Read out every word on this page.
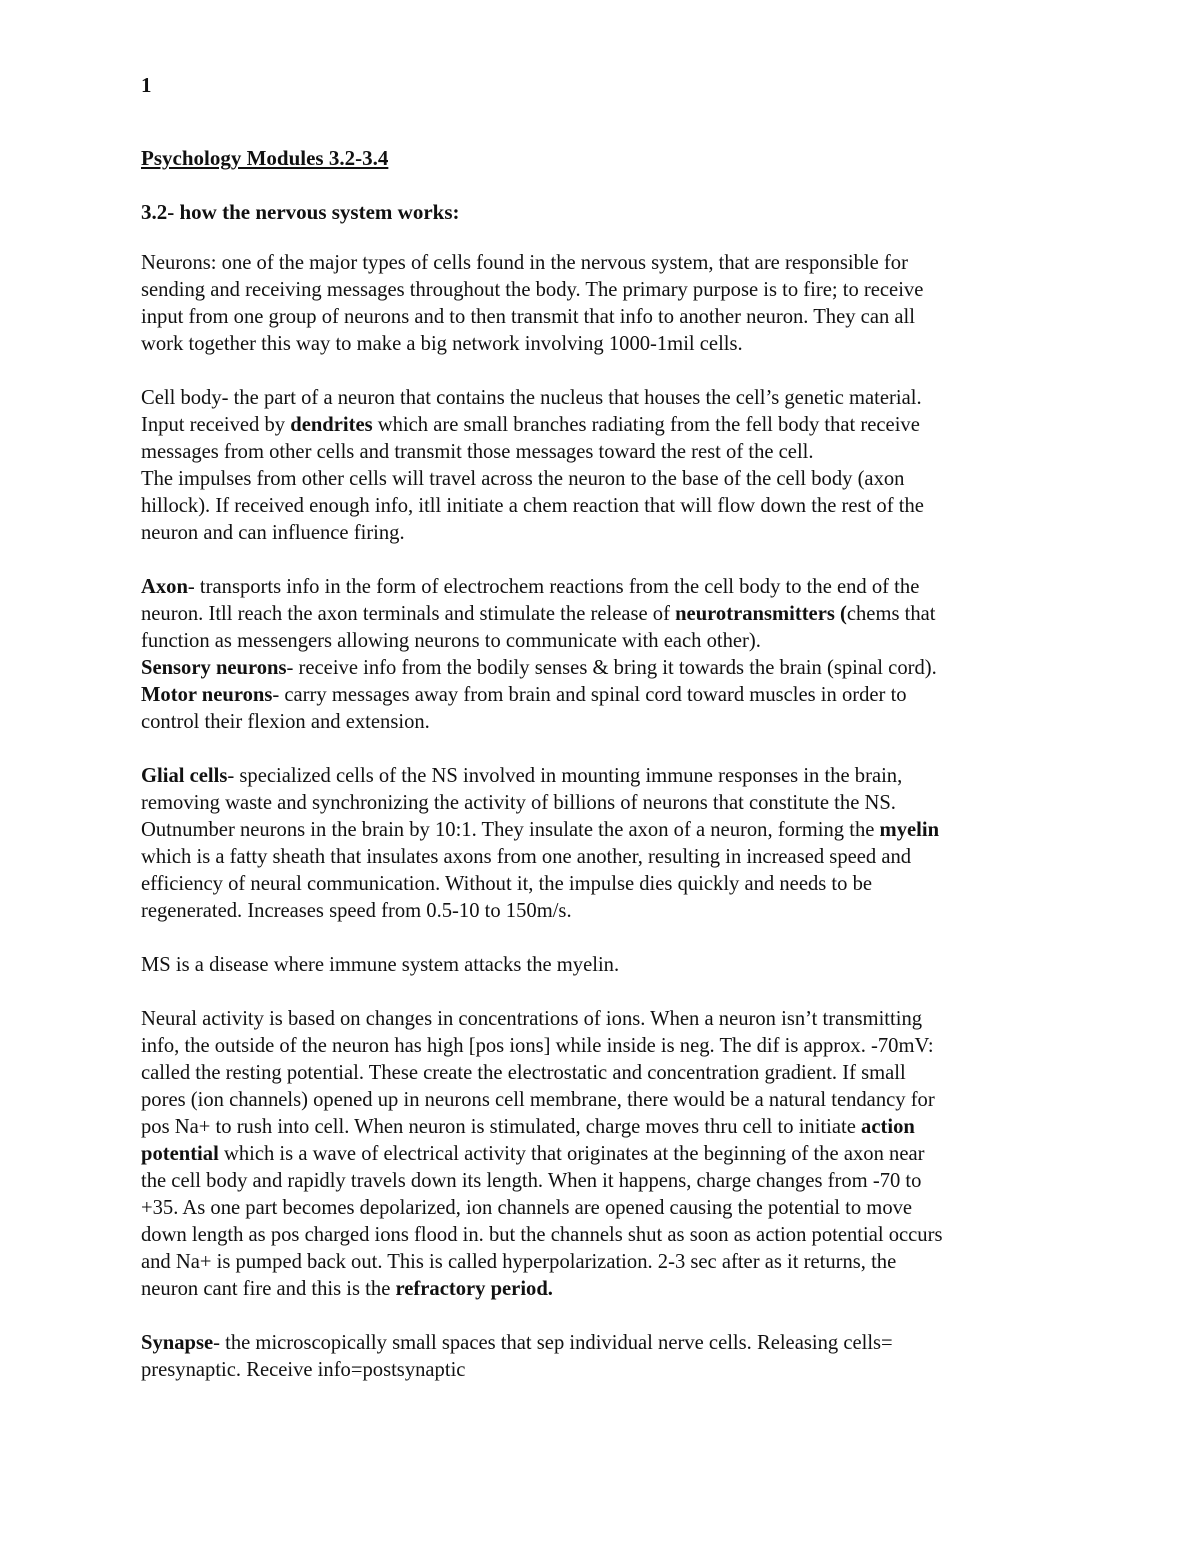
1
Psychology Modules 3.2-3.4
3.2- how the nervous system works:
Neurons: one of the major types of cells found in the nervous system, that are responsible for
sending and receiving messages throughout the body. The primary purpose is to fire; to receive
input from one group of neurons and to then transmit that info to another neuron. They can all
work together this way to make a big network involving 1000-1mil cells.
Cell body- the part of a neuron that contains the nucleus that houses the cell’s genetic material.
Input received by dendrites which are small branches radiating from the fell body that receive
messages from other cells and transmit those messages toward the rest of the cell.
The impulses from other cells will travel across the neuron to the base of the cell body (axon
hillock). If received enough info, itll initiate a chem reaction that will flow down the rest of the
neuron and can influence firing.
Axon- transports info in the form of electrochem reactions from the cell body to the end of the
neuron. Itll reach the axon terminals and stimulate the release of neurotransmitters (chems that
function as messengers allowing neurons to communicate with each other).
Sensory neurons- receive info from the bodily senses & bring it towards the brain (spinal cord).
Motor neurons- carry messages away from brain and spinal cord toward muscles in order to
control their flexion and extension.
Glial cells- specialized cells of the NS involved in mounting immune responses in the brain,
removing waste and synchronizing the activity of billions of neurons that constitute the NS.
Outnumber neurons in the brain by 10:1. They insulate the axon of a neuron, forming the myelin
which is a fatty sheath that insulates axons from one another, resulting in increased speed and
efficiency of neural communication. Without it, the impulse dies quickly and needs to be
regenerated. Increases speed from 0.5-10 to 150m/s.
MS is a disease where immune system attacks the myelin.
Neural activity is based on changes in concentrations of ions. When a neuron isn’t transmitting
info, the outside of the neuron has high [pos ions] while inside is neg. The dif is approx. -70mV:
called the resting potential. These create the electrostatic and concentration gradient. If small
pores (ion channels) opened up in neurons cell membrane, there would be a natural tendancy for
pos Na+ to rush into cell. When neuron is stimulated, charge moves thru cell to initiate action
potential which is a wave of electrical activity that originates at the beginning of the axon near
the cell body and rapidly travels down its length. When it happens, charge changes from -70 to
+35. As one part becomes depolarized, ion channels are opened causing the potential to move
down length as pos charged ions flood in. but the channels shut as soon as action potential occurs
and Na+ is pumped back out. This is called hyperpolarization. 2-3 sec after as it returns, the
neuron cant fire and this is the refractory period.
Synapse- the microscopically small spaces that sep individual nerve cells. Releasing cells=
presynaptic. Receive info=postsynaptic
